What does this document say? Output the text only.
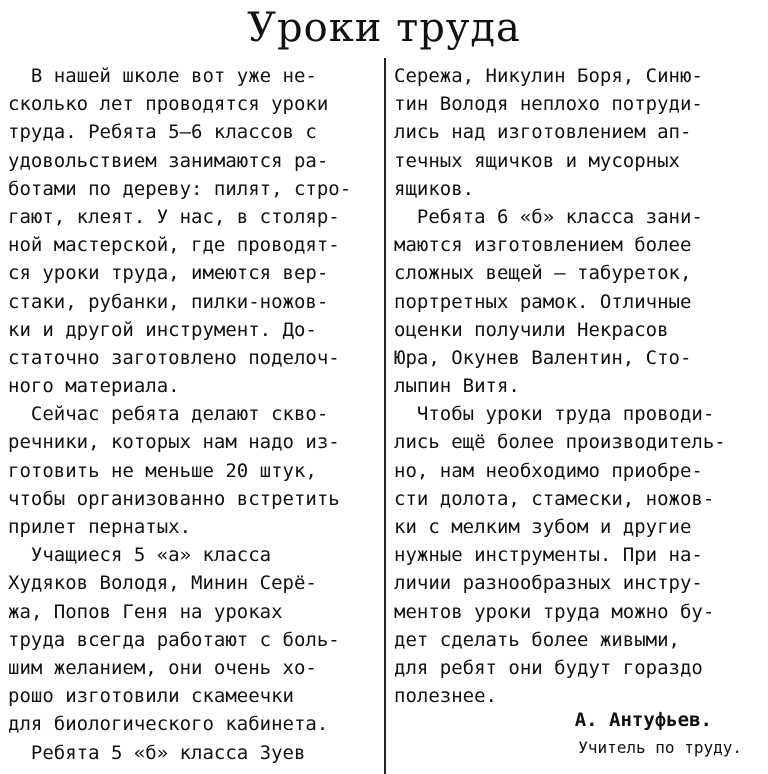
Уроки труда
В нашей школе вот уже не-
сколько лет проводятся уроки
труда. Ребята 5—6 классов с
удовольствием занимаются ра-
ботами по дереву: пилят, стро-
гают, клеят. У нас, в столяр-
ной мастерской, где проводят-
ся уроки труда, имеются вер-
стаки, рубанки, пилки-ножов-
ки и другой инструмент. До-
статочно заготовлено поделоч-
ного материала.
Сейчас ребята делают скво-
речники, которых нам надо из-
готовить не меньше 20 штук,
чтобы организованно встретить
прилет пернатых.
Учащиеся 5 «а» класса
Худяков Володя, Минин Серё-
жа, Попов Геня на уроках
труда всегда работают с боль-
шим желанием, они очень хо-
рошо изготовили скамеечки
для биологического кабинета.
Ребята 5 «б» класса Зуев
Сережа, Никулин Боря, Синю-
тин Володя неплохо потруди-
лись над изготовлением ап-
течных ящичков и мусорных
ящиков.
Ребята 6 «б» класса зани-
маются изготовлением более
сложных вещей — табуреток,
портретных рамок. Отличные
оценки получили Некрасов
Юра, Окунев Валентин, Сто-
лыпин Витя.
Чтобы уроки труда проводи-
лись ещё более производитель-
но, нам необходимо приобре-
сти долота, стамески, ножов-
ки с мелким зубом и другие
нужные инструменты. При на-
личии разнообразных инстру-
ментов уроки труда можно бу-
дет сделать более живыми,
для ребят они будут гораздо
полезнее.
А. Антуфьев.
Учитель по труду.
